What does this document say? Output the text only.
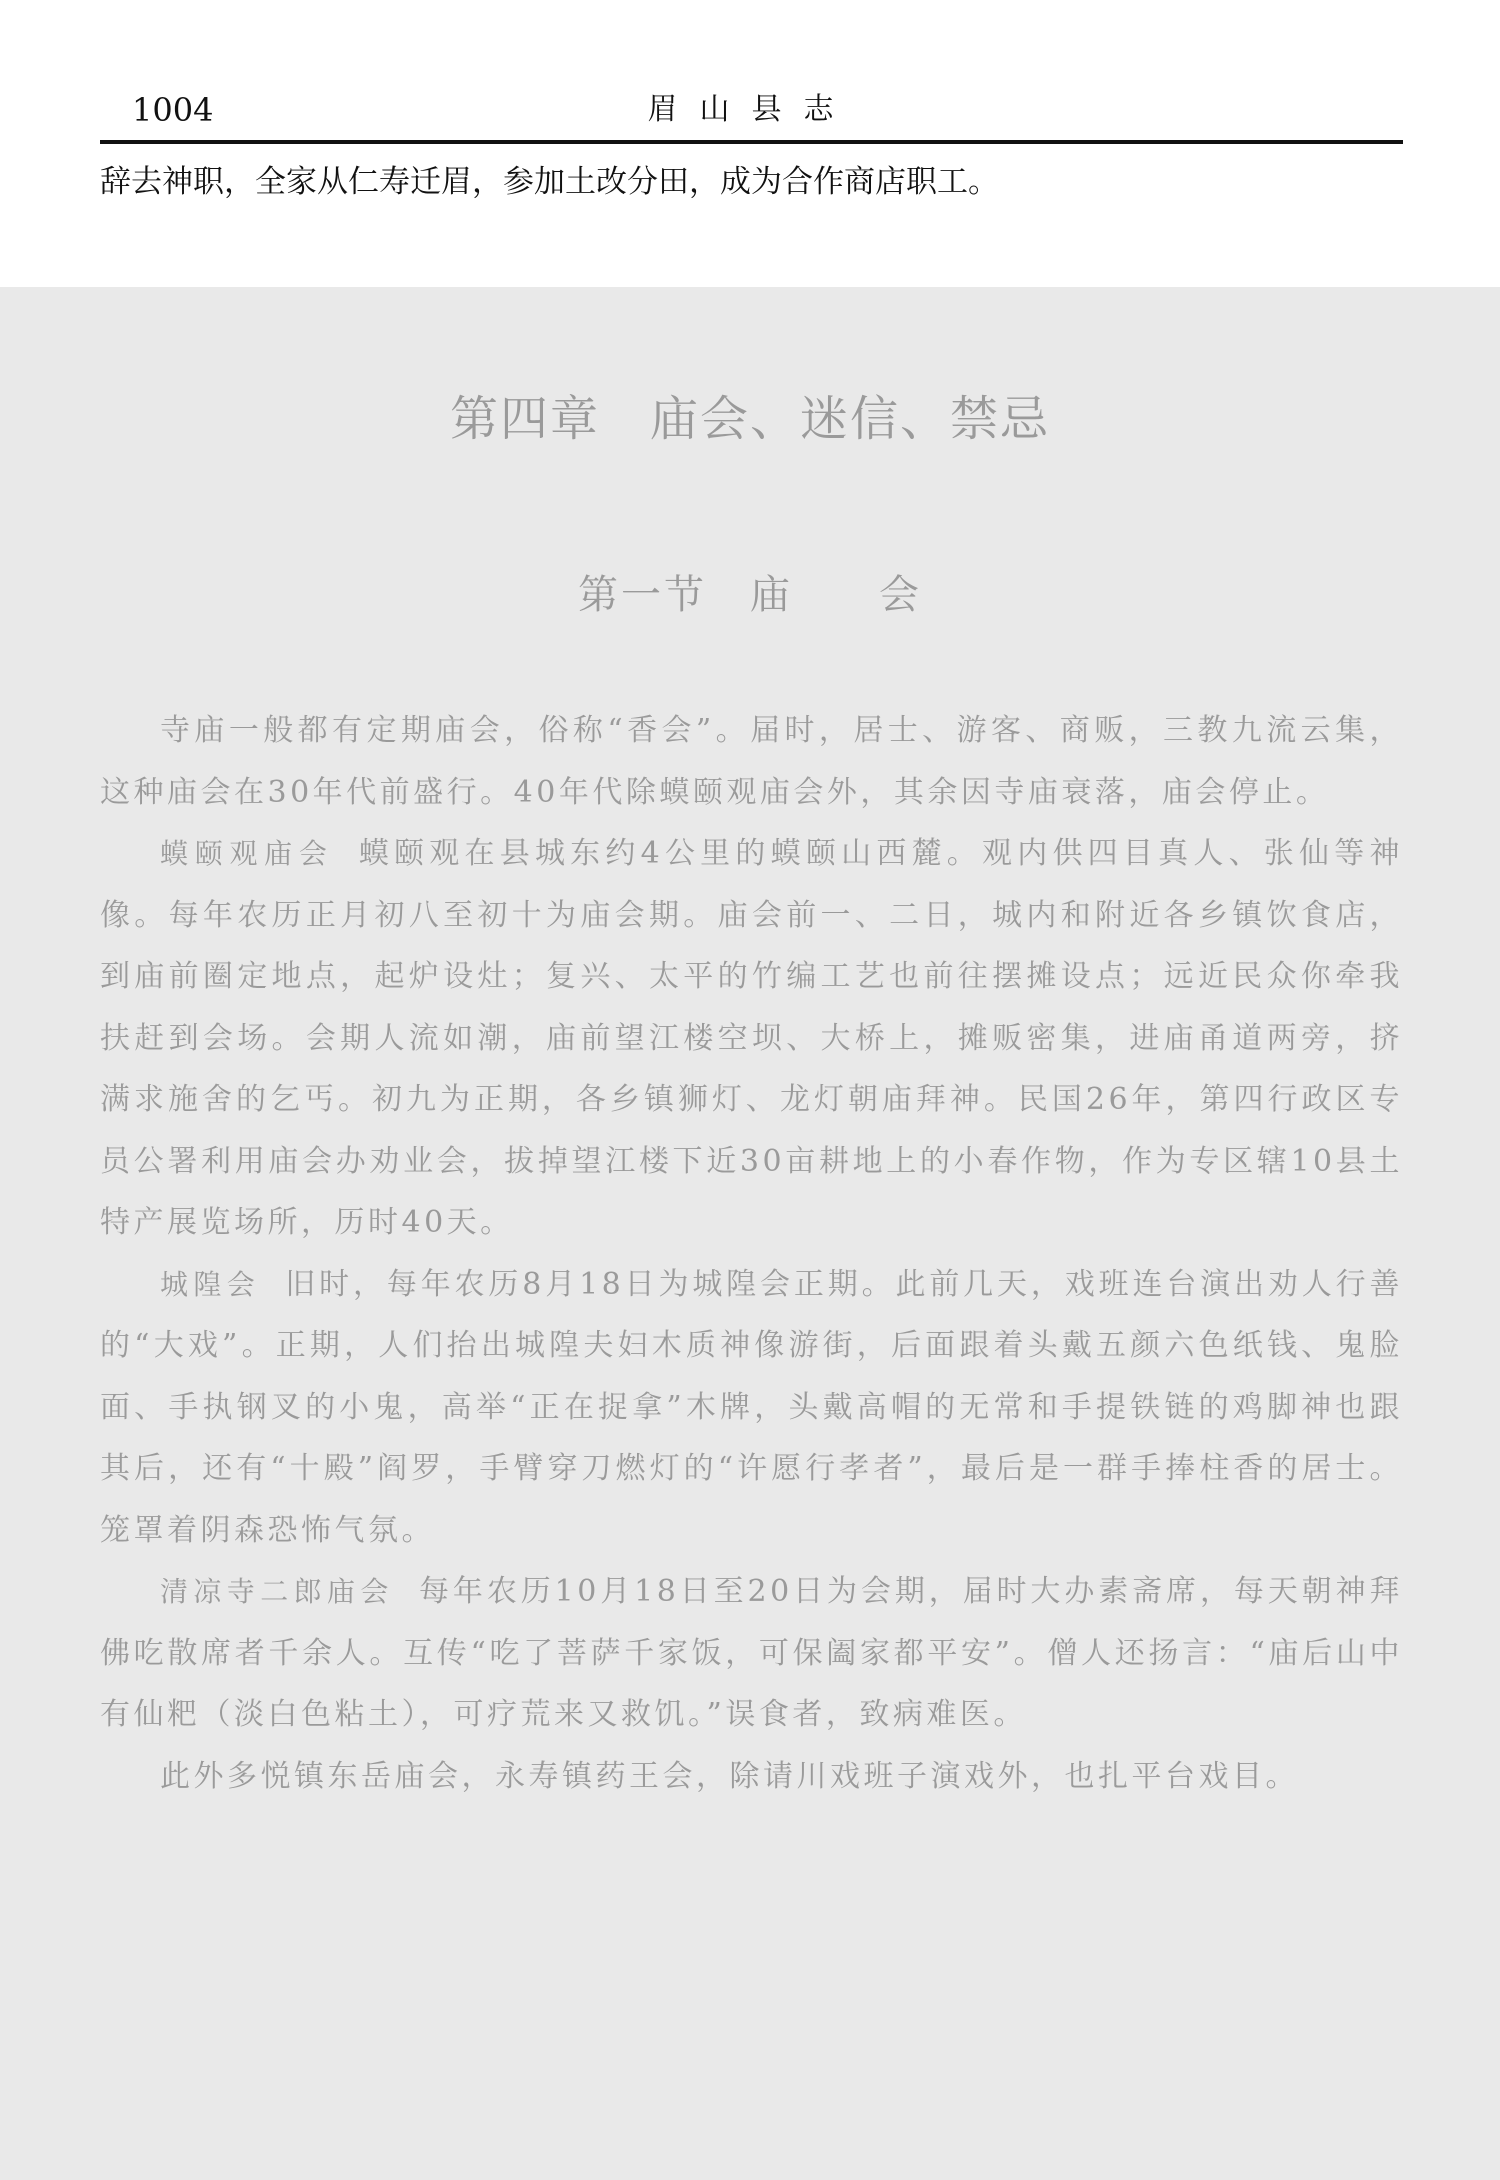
1004	眉山县志
辞去神职，全家从仁寿迁眉，参加土改分田，成为合作商店职工。
第四章　庙会、迷信、禁忌
第一节　庙　　会

寺庙一般都有定期庙会，俗称“香会”。届时，居士、游客、商贩，三教九流云集，这种庙会在30年代前盛行。40年代除蟆颐观庙会外，其余因寺庙衰落，庙会停止。

蟆颐观庙会 蟆颐观在县城东约4公里的蟆颐山西麓。观内供四目真人、张仙等神像。每年农历正月初八至初十为庙会期。庙会前一、二日，城内和附近各乡镇饮食店，到庙前圈定地点，起炉设灶；复兴、太平的竹编工艺也前往摆摊设点；远近民众你牵我扶赶到会场。会期人流如潮，庙前望江楼空坝、大桥上，摊贩密集，进庙甬道两旁，挤满求施舍的乞丐。初九为正期，各乡镇狮灯、龙灯朝庙拜神。民国26年，第四行政区专员公署利用庙会办劝业会，拔掉望江楼下近30亩耕地上的小春作物，作为专区辖10县土特产展览场所，历时40天。

城隍会 旧时，每年农历8月18日为城隍会正期。此前几天，戏班连台演出劝人行善的“大戏”。正期，人们抬出城隍夫妇木质神像游街，后面跟着头戴五颜六色纸钱、鬼脸面、手执钢叉的小鬼，高举“正在捉拿”木牌，头戴高帽的无常和手提铁链的鸡脚神也跟其后，还有“十殿”阎罗，手臂穿刀燃灯的“许愿行孝者”，最后是一群手捧柱香的居士。笼罩着阴森恐怖气氛。

清凉寺二郎庙会 每年农历10月18日至20日为会期，届时大办素斋席，每天朝神拜佛吃散席者千余人。互传“吃了菩萨千家饭，可保阖家都平安”。僧人还扬言：“庙后山中有仙粑（淡白色粘土），可疗荒来又救饥。”误食者，致病难医。

此外多悦镇东岳庙会，永寿镇药王会，除请川戏班子演戏外，也扎平台戏目。
